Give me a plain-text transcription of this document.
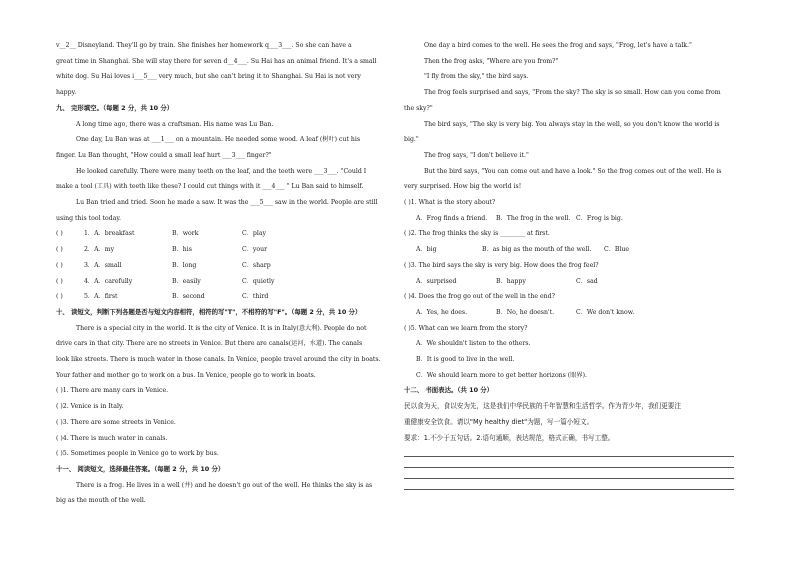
v__2__ Disneyland. They'll go by train. She finishes her homework q___3___. So she can have a
great time in Shanghai. She will stay there for seven d__4___. Su Hai has an animal friend. It's a small
white dog. Su Hai loves i___5___ very much, but she can't bring it to Shanghai. Su Hai is not very
happy.
九、 完形填空。（每题 2 分，共 10 分）
A long time ago, there was a craftsman. His name was Lu Ban.
One day, Lu Ban was at ___1___ on a mountain. He needed some wood. A leaf (树叶) cut his
finger. Lu Ban thought, "How could a small leaf hurt ___3___ finger?"
He looked carefully. There were many teeth on the leaf, and the teeth were ___3___. "Could I
make a tool (工具) with teeth like these? I could cut things with it ___4___ " Lu Ban said to himself.
Lu Ban tried and tried. Soon he made a saw. It was the ___5___ saw in the world. People are still
using this tool today.
( )	1．A．breakfast	B．work	C．play
( )	2．A．my	B．his	C．your
( )	3．A．small	B．long	C．sharp
( )	4．A．carefully	B．easily	C．quietly
( )	5．A．first	B．second	C．third
十、 读短文，判断下列各题是否与短文内容相符，相符的写"T"，不相符的写"F"。（每题 2 分，共 10 分）
There is a special city in the world. It is the city of Venice. It is in Italy(意大利). People do not
drive cars in that city. There are no streets in Venice. But there are canals(运河，水道). The canals
look like streets. There is much water in those canals. In Venice, people travel around the city in boats.
Your father and mother go to work on a bus. In Venice, people go to work in boats.
( )1. There are many cars in Venice.
( )2. Venice is in Italy.
( )3. There are some streets in Venice.
( )4. There is much water in canals.
( )5. Sometimes people in Venice go to work by bus.
十一、 阅读短文，选择最佳答案。（每题 2 分，共 10 分）
There is a frog. He lives in a well (井) and he doesn't go out of the well. He thinks the sky is as
big as the mouth of the well.
One day a bird comes to the well. He sees the frog and says, "Frog, let's have a talk."
Then the frog asks, "Where are you from?"
"I fly from the sky," the bird says.
The frog feels surprised and says, "From the sky? The sky is so small. How can you come from
the sky?"
The bird says, "The sky is very big. You always stay in the well, so you don't know the world is
big."
The frog says, "I don't believe it."
But the bird says, "You can come out and have a look." So the frog comes out of the well. He is
very surprised. How big the world is!
( )1. What is the story about?
A．Frog finds a friend.	B．The frog in the well. C．Frog is big.
( )2. The frog thinks the sky is ________ at first.
A．big	B．as big as the mouth of the well.	C．Blue
( )3. The bird says the sky is very big. How does the frog feel?
A．surprised	B．happy	C．sad
( )4. Does the frog go out of the well in the end?
A．Yes, he does.	B．No, he doesn't.	C．We don't know.
( )5. What can we learn from the story?
A．We shouldn't listen to the others.
B．It is good to live in the well.
C．We should learn more to get better horizons (眼界).
十二、 书面表达。（共 10 分）
民以食为天，食以安为先，这是我们中华民族的千年智慧和生活哲学。作为青少年，我们更要注
重健康安全饮食。请以"My healthy diet"为题，写一篇小短文。
要求：1.不少于五句话。2.语句通顺，表达规范，格式正确，书写工整。
